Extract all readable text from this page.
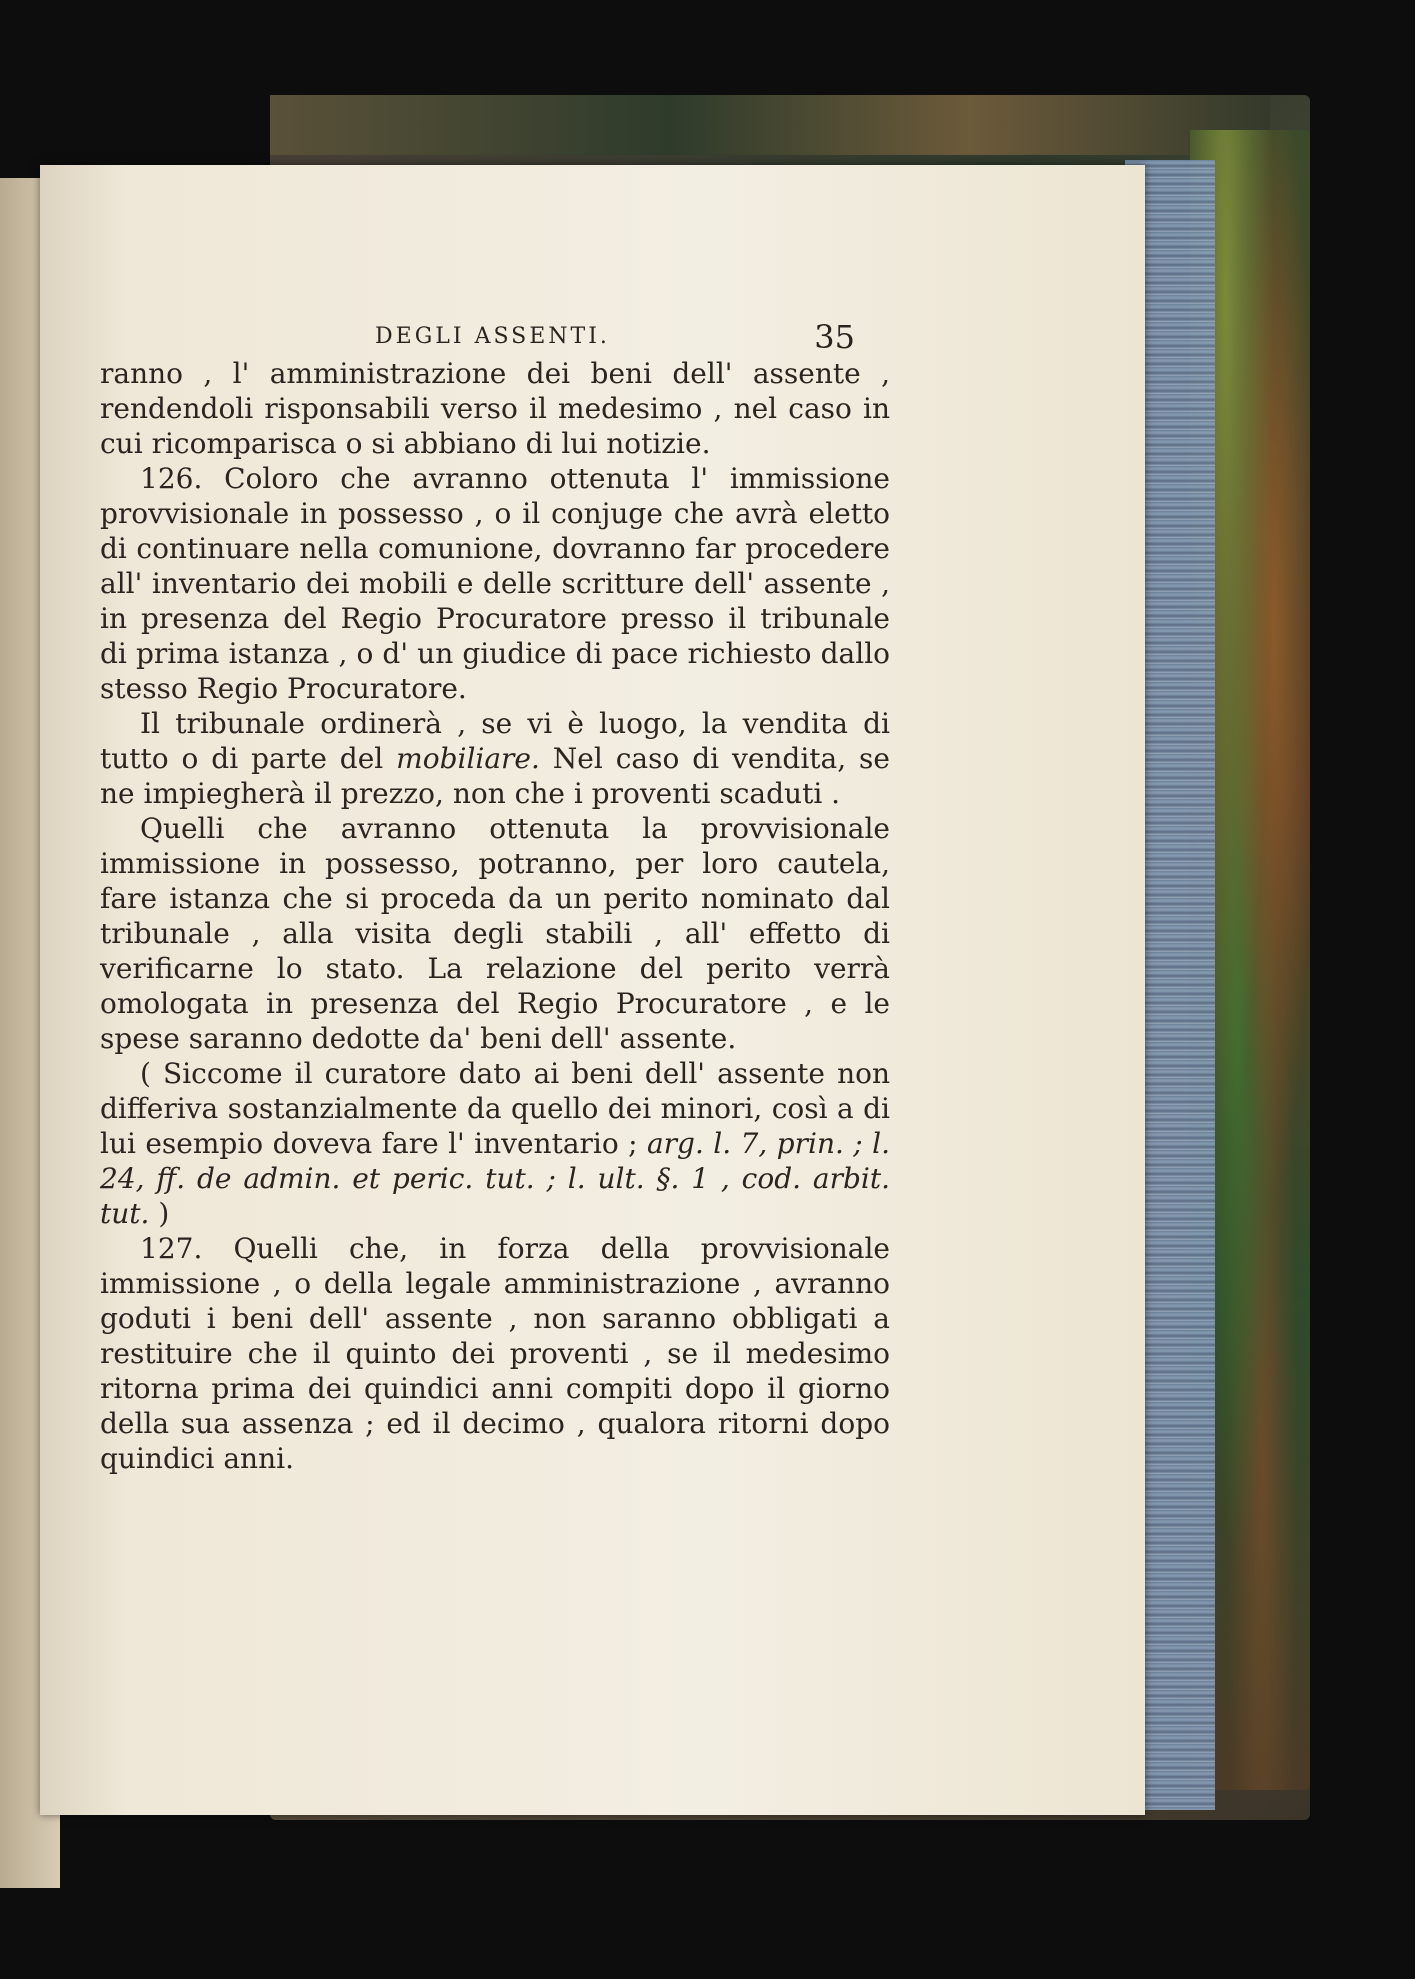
DEGLI ASSENTI.	35

ranno , l' amministrazione dei beni dell' assente , rendendoli risponsabili verso il medesimo , nel caso in cui ricomparisca o si abbiano di lui notizie.

126. Coloro che avranno ottenuta l' immissione provvisionale in possesso , o il conjuge che avrà eletto di continuare nella comunione, dovranno far procedere all' inventario dei mobili e delle scritture dell' assente , in presenza del Regio Procuratore presso il tribunale di prima istanza , o d' un giudice di pace richiesto dallo stesso Regio Procuratore.

Il tribunale ordinerà , se vi è luogo, la vendita di tutto o di parte del mobiliare. Nel caso di vendita, se ne impiegherà il prezzo, non che i proventi scaduti .

Quelli che avranno ottenuta la provvisionale immissione in possesso, potranno, per loro cautela, fare istanza che si proceda da un perito nominato dal tribunale , alla visita degli stabili , all' effetto di verificarne lo stato. La relazione del perito verrà omologata in presenza del Regio Procuratore , e le spese saranno dedotte da' beni dell' assente.

( Siccome il curatore dato ai beni dell' assente non differiva sostanzialmente da quello dei minori, così a di lui esempio doveva fare l' inventario ; arg. l. 7, prin. ; l. 24, ff. de admin. et peric. tut. ; l. ult. §. 1 , cod. arbit. tut. )

127. Quelli che, in forza della provvisionale immissione , o della legale amministrazione , avranno goduti i beni dell' assente , non saranno obbligati a restituire che il quinto dei proventi , se il medesimo ritorna prima dei quindici anni compiti dopo il giorno della sua assenza ; ed il decimo , qualora ritorni dopo quindici anni.
